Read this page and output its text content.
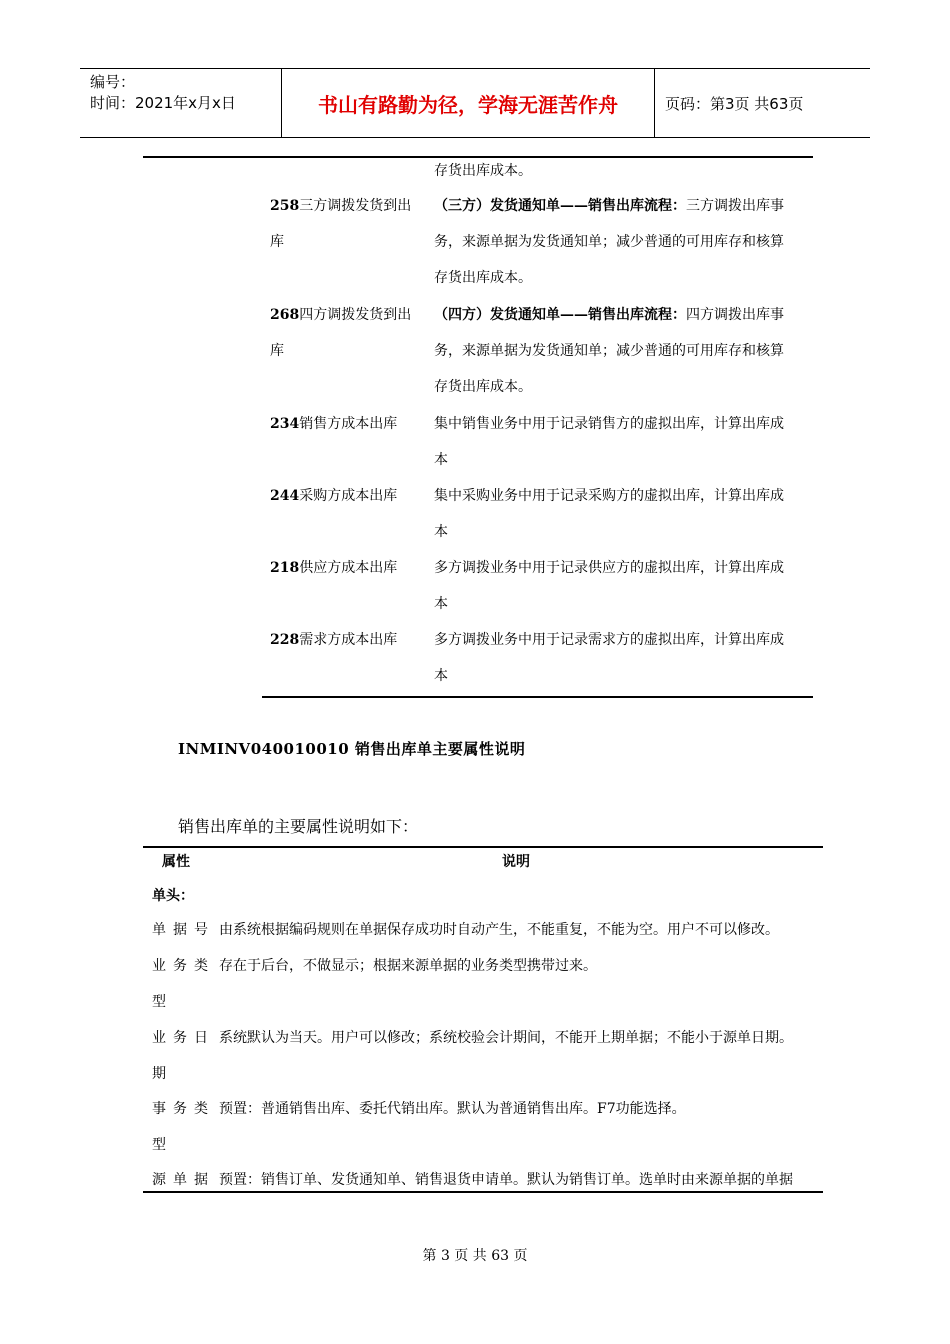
编号：
时间：2021年x月x日	书山有路勤为径，学海无涯苦作舟	页码：第3页 共63页
存货出库成本。
258三方调拨发货到出	（三方）发货通知单——销售出库流程：三方调拨出库事
库	务，来源单据为发货通知单；减少普通的可用库存和核算
存货出库成本。
268四方调拨发货到出	（四方）发货通知单——销售出库流程：四方调拨出库事
库	务，来源单据为发货通知单；减少普通的可用库存和核算
存货出库成本。
234销售方成本出库	集中销售业务中用于记录销售方的虚拟出库，计算出库成
本
244采购方成本出库	集中采购业务中用于记录采购方的虚拟出库，计算出库成
本
218供应方成本出库	多方调拨业务中用于记录供应方的虚拟出库，计算出库成
本
228需求方成本出库	多方调拨业务中用于记录需求方的虚拟出库，计算出库成
本
INMINV040010010 销售出库单主要属性说明
销售出库单的主要属性说明如下：
属性	说明
单头：
单据号 由系统根据编码规则在单据保存成功时自动产生，不能重复，不能为空。用户不可以修改。
业务类 存在于后台，不做显示；根据来源单据的业务类型携带过来。
型
业务日 系统默认为当天。用户可以修改；系统校验会计期间，不能开上期单据；不能小于源单日期。
期
事务类 预置：普通销售出库、委托代销出库。默认为普通销售出库。F7功能选择。
型
源单据 预置：销售订单、发货通知单、销售退货申请单。默认为销售订单。选单时由来源单据的单据
第 3 页 共 63 页
